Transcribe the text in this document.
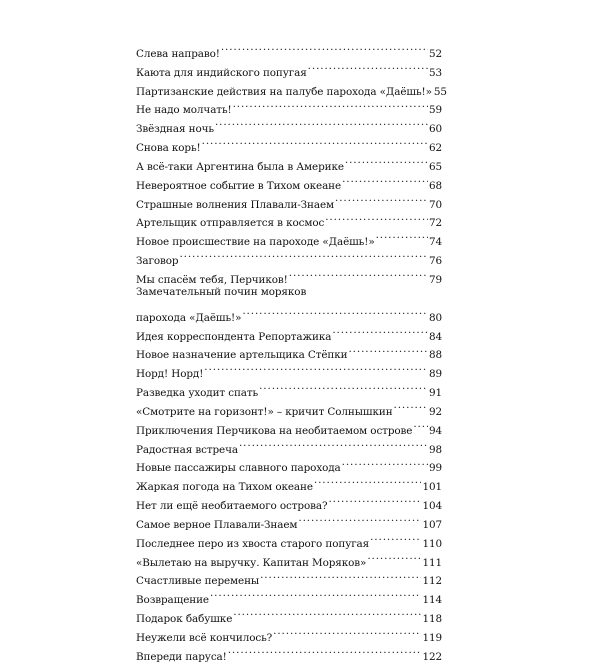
Слева направо! .....	52
Каюта для индийского попугая .....	53
Партизанские действия на палубе парохода «Даёшь!» 55
Не надо молчать! .....	59
Звёздная ночь .....	60
Снова корь! .....	62
А всё-таки Аргентина была в Америке .....	65
Невероятное событие в Тихом океане .....	68
Страшные волнения Плавали-Знаем .....	70
Артельщик отправляется в космос .....	72
Новое происшествие на пароходе «Даёшь!» .....	74
Заговор .....	76
Мы спасём тебя, Перчиков! .....	79
Замечательный почин моряков
парохода «Даёшь!» .....	80
Идея корреспондента Репортажика .....	84
Новое назначение артельщика Стёпки .....	88
Норд! Норд! .....	89
Разведка уходит спать .....	91
«Смотрите на горизонт!» – кричит Солнышкин .....	92
Приключения Перчикова на необитаемом острове ..... 94
Радостная встреча .....	98
Новые пассажиры славного парохода .....	99
Жаркая погода на Тихом океане .....	101
Нет ли ещё необитаемого острова? .....	104
Самое верное Плавали-Знаем .....	107
Последнее перо из хвоста старого попугая .....	110
«Вылетаю на выручку. Капитан Моряков» .....	111
Счастливые перемены .....	112
Возвращение .....	114
Подарок бабушке .....	118
Неужели всё кончилось? .....	119
Впереди паруса! .....	122
